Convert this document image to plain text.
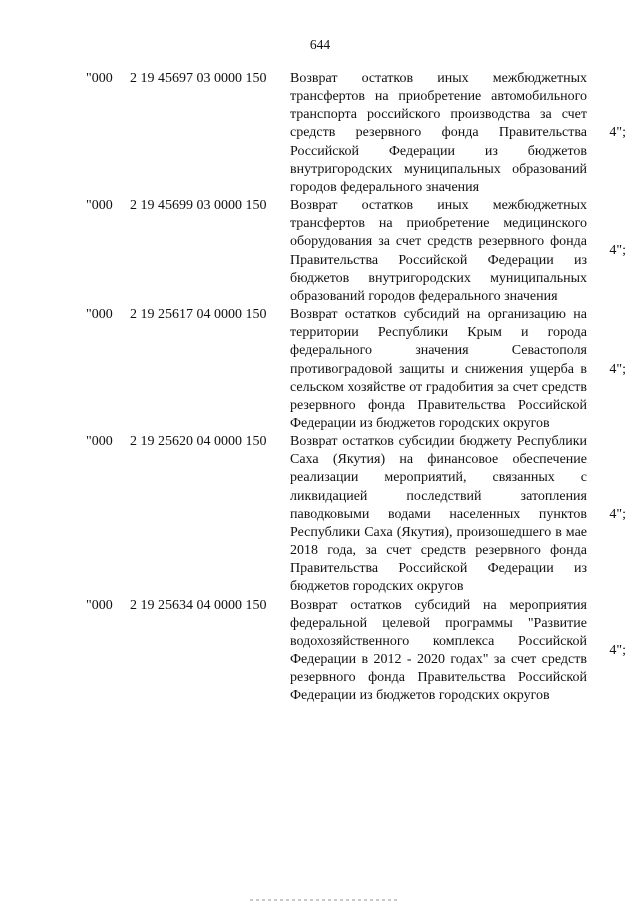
644
"000	2 19 45697 03 0000 150	Возврат остатков иных межбюджетных трансфертов на приобретение автомобильного транспорта российского производства за счет средств резервного фонда Правительства Российской Федерации из бюджетов внутригородских муниципальных образований городов федерального значения
4";
"000	2 19 45699 03 0000 150	Возврат остатков иных межбюджетных трансфертов на приобретение медицинского оборудования за счет средств резервного фонда Правительства Российской Федерации из бюджетов внутригородских муниципальных образований городов федерального значения
4";
"000	2 19 25617 04 0000 150	Возврат остатков субсидий на организацию на территории Республики Крым и города федерального значения Севастополя противоградовой защиты и снижения ущерба в сельском хозяйстве от градобития за счет средств резервного фонда Правительства Российской Федерации из бюджетов городских округов
4";
"000	2 19 25620 04 0000 150	Возврат остатков субсидии бюджету Республики Саха (Якутия) на финансовое обеспечение реализации мероприятий, связанных с ликвидацией последствий затопления паводковыми водами населенных пунктов Республики Саха (Якутия), произошедшего в мае 2018 года, за счет средств резервного фонда Правительства Российской Федерации из бюджетов городских округов
4";
"000	2 19 25634 04 0000 150	Возврат остатков субсидий на мероприятия федеральной целевой программы "Развитие водохозяйственного комплекса Российской Федерации в 2012 - 2020 годах" за счет средств резервного фонда Правительства Российской Федерации из бюджетов городских округов
4";
